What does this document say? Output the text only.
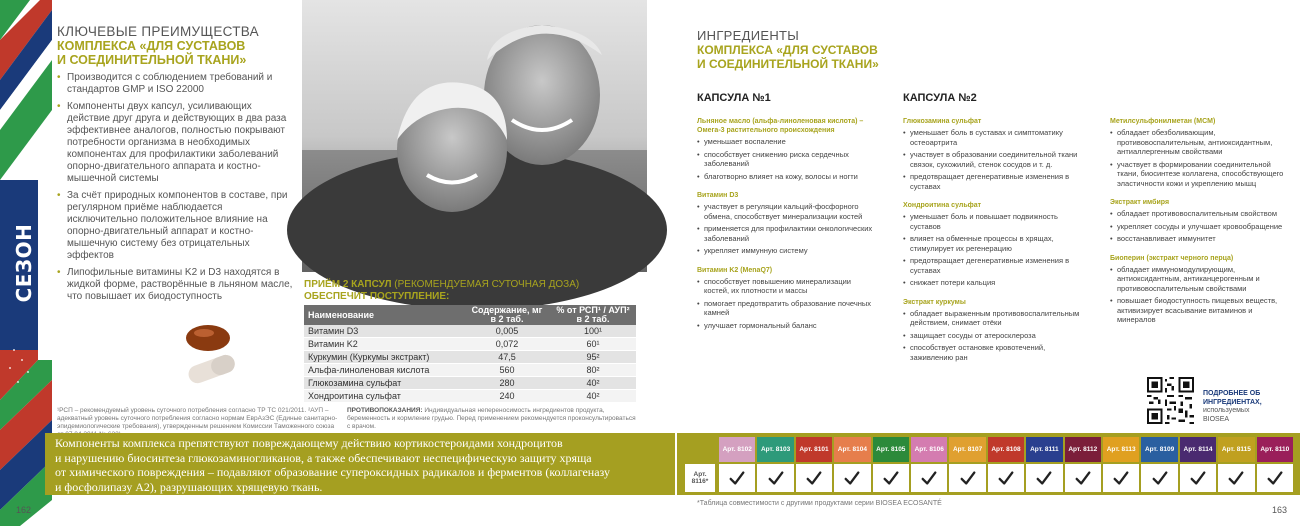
СЕЗОН ПОДАРКОВ
КЛЮЧЕВЫЕ ПРЕИМУЩЕСТВА
КОМПЛЕКСА «ДЛЯ СУСТАВОВ
И СОЕДИНИТЕЛЬНОЙ ТКАНИ»
• Производится с соблюдением требований и стандартов GMP и ISO 22000
• Компоненты двух капсул, усиливающих действие друг друга и действующих в два раза эффективнее аналогов, полностью покрывают потребности организма в необходимых компонентах для профилактики заболеваний опорно-двигательного аппарата и костно-мышечной системы
• За счёт природных компонентов в составе, при регулярном приёме наблюдается исключительно положительное влияние на опорно-двигательный аппарат и костно-мышечную систему без отрицательных эффектов
• Липофильные витамины K2 и D3 находятся в жидкой форме, растворённые в льняном масле, что повышает их биодоступность
ПРИЁМ 2 КАПСУЛ (РЕКОМЕНДУЕМАЯ СУТОЧНАЯ ДОЗА)
ОБЕСПЕЧИТ ПОСТУПЛЕНИЕ:
Наименование	Содержание, мг в 2 таб.	% от РСП¹ / АУП² в 2 таб.
Витамин D3	0,005	100¹
Витамин K2	0,072	60¹
Куркумин (Куркумы экстракт)	47,5	95²
Альфа-линоленовая кислота	560	80²
Глюкозамина сульфат	280	40²
Хондроитина сульфат	240	40²
¹РСП – рекомендуемый уровень суточного потребления согласно ТР ТС 021/2011. ²АУП – адекватный уровень суточного потребления согласно нормам ЕврАзЭС (Единые санитарно-эпидемиологические требования), утвержденным решением Комиссии Таможенного союза
ПРОТИВОПОКАЗАНИЯ: Индивидуальная непереносимость ингредиентов продукта, беременность и кормление грудью. Перед применением рекомендуется проконсультироваться с врачом.

Компоненты комплекса препятствуют повреждающему действию кортикостероидами хондроцитов

и нарушению биосинтеза глюкозаминогликанов, а также обеспечивают неспецифическую защиту хряща

от химического повреждения – подавляют образование супероксидных радикалов и ферментов (коллагеназу

и фосфолипазу А2), разрушающих хрящевую ткань.

162
ИНГРЕДИЕНТЫ
КОМПЛЕКСА «ДЛЯ СУСТАВОВ
И СОЕДИНИТЕЛЬНОЙ ТКАНИ»
КАПСУЛА №1	КАПСУЛА №2
Льняное масло (альфа-линоленовая кислота) – Омега-3 растительного происхождения
• уменьшает воспаление
• способствует снижению риска сердечных заболеваний
• благотворно влияет на кожу, волосы и ногти
Витамин D3
• участвует в регуляции кальций-фосфорного обмена, способствует минерализации костей
• применяется для профилактики онкологических заболеваний
• укрепляет иммунную систему
Витамин K2 (MenaQ7)
• способствует повышению минерализации костей, их плотности и массы
• помогает предотвратить образование почечных камней
• улучшает гормональный баланс
Глюкозамина сульфат
• уменьшает боль в суставах и симптоматику остеоартрита
• участвует в образовании соединительной ткани связок, сухожилий, стенок сосудов и т. д.
• предотвращает дегенеративные изменения в суставах
Хондроитина сульфат
• уменьшает боль и повышает подвижность суставов
• влияет на обменные процессы в хрящах, стимулирует их регенерацию
• предотвращает дегенеративные изменения в суставах
• снижает потери кальция
Экстракт куркумы
• обладает выраженным противовоспалительным действием, снимает отёки
• защищает сосуды от атеросклероза
• способствует остановке кровотечений, заживлению ран
Метилсульфонилметан (MCM)
• обладает обезболивающим, противовоспалительным, антиоксидантным, антиаллергенным свойствами
• участвует в формировании соединительной ткани, биосинтезе коллагена, способствующего эластичности кожи и укреплению мышц
Экстракт имбиря
• обладает противовоспалительным свойством
• укрепляет сосуды и улучшает кровообращение
• восстанавливает иммунитет
Биоперин (экстракт черного перца)
• обладает иммуномодулирующим, антиоксидантным, антиканцерогенным и противовоспалительным свойствами
• повышает биодоступность пищевых веществ, активизирует всасывание витаминов и минералов
ПОДРОБНЕЕ ОБ
ИНГРЕДИЕНТАХ,
используемых
BIOSEA
Арт. 8116*
Арт. 8102	Арт. 8103	Арт. 8101	Арт. 8104	Арт. 8105	Арт. 8106	Арт. 8107	Арт. 8108	Арт. 8111	Арт. 8112	Арт. 8113	Арт. 8109	Арт. 8114	Арт. 8115	Арт. 8110
*Таблица совместимости с другими продуктами серии BIOSEA ECOSANTÉ
163
